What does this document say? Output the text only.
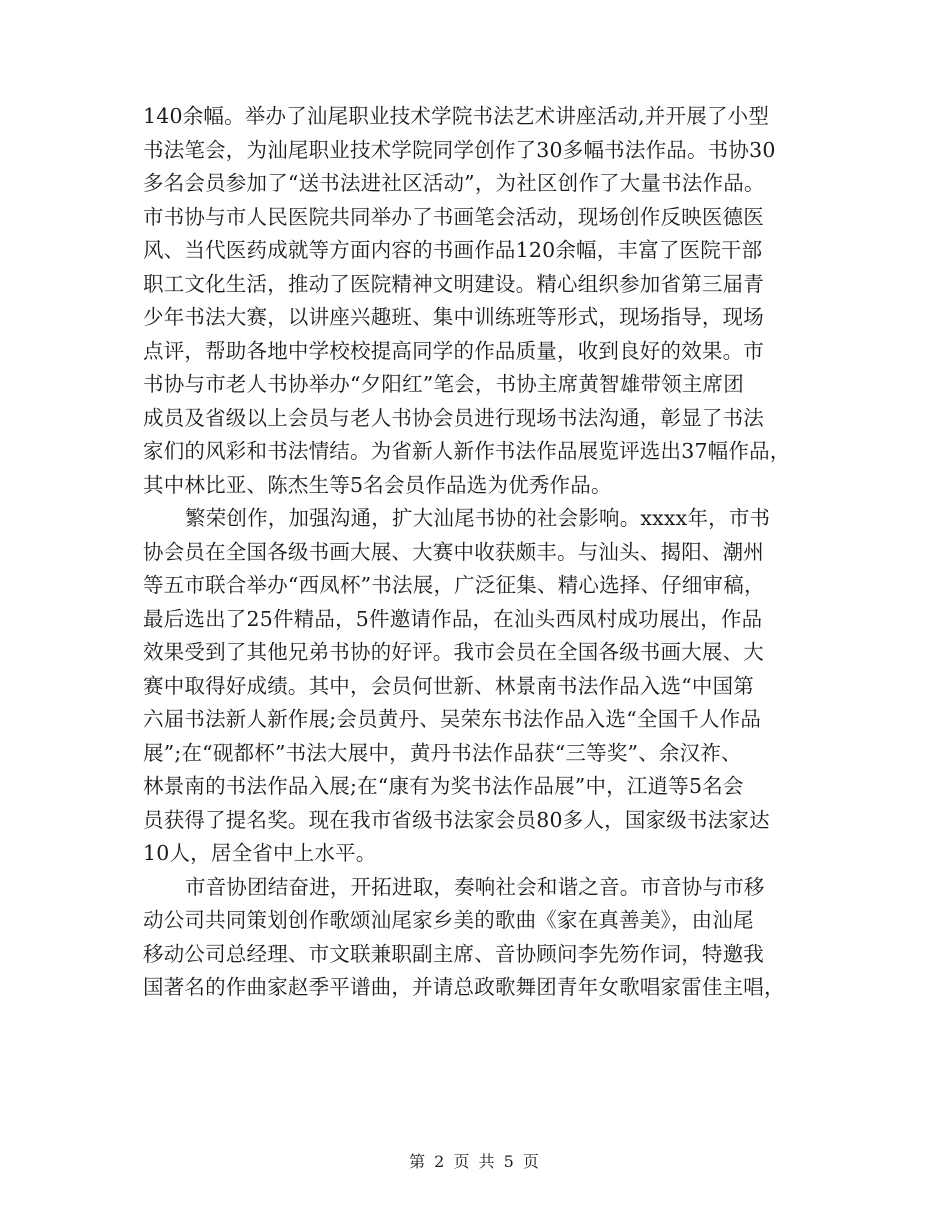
140余幅。举办了汕尾职业技术学院书法艺术讲座活动,并开展了小型
书法笔会，为汕尾职业技术学院同学创作了30多幅书法作品。书协30
多名会员参加了“送书法进社区活动”，为社区创作了大量书法作品。
市书协与市人民医院共同举办了书画笔会活动，现场创作反映医德医
风、当代医药成就等方面内容的书画作品120余幅，丰富了医院干部
职工文化生活，推动了医院精神文明建设。精心组织参加省第三届青
少年书法大赛，以讲座兴趣班、集中训练班等形式，现场指导，现场
点评，帮助各地中学校校提高同学的作品质量，收到良好的效果。市
书协与市老人书协举办“夕阳红”笔会，书协主席黄智雄带领主席团
成员及省级以上会员与老人书协会员进行现场书法沟通，彰显了书法
家们的风彩和书法情结。为省新人新作书法作品展览评选出37幅作品，
其中林比亚、陈杰生等5名会员作品选为优秀作品。
繁荣创作，加强沟通，扩大汕尾书协的社会影响。xxxx年，市书
协会员在全国各级书画大展、大赛中收获颇丰。与汕头、揭阳、潮州
等五市联合举办“西凤杯”书法展，广泛征集、精心选择、仔细审稿，
最后选出了25件精品，5件邀请作品，在汕头西凤村成功展出，作品
效果受到了其他兄弟书协的好评。我市会员在全国各级书画大展、大
赛中取得好成绩。其中，会员何世新、林景南书法作品入选“中国第
六届书法新人新作展;会员黄丹、吴荣东书法作品入选“全国千人作品
展”;在“砚都杯”书法大展中，黄丹书法作品获“三等奖”、余汉祚、
林景南的书法作品入展;在“康有为奖书法作品展”中，江逍等5名会
员获得了提名奖。现在我市省级书法家会员80多人，国家级书法家达
10人，居全省中上水平。
市音协团结奋进，开拓进取，奏响社会和谐之音。市音协与市移
动公司共同策划创作歌颂汕尾家乡美的歌曲《家在真善美》，由汕尾
移动公司总经理、市文联兼职副主席、音协顾问李先笏作词，特邀我
国著名的作曲家赵季平谱曲，并请总政歌舞团青年女歌唱家雷佳主唱，
第 2 页 共 5 页
